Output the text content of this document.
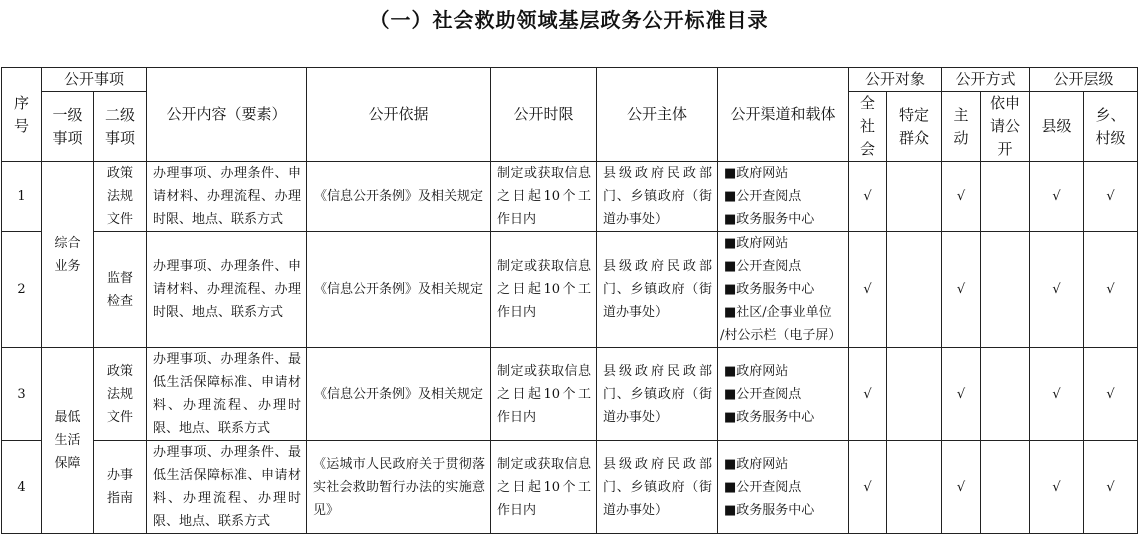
（一）社会救助领域基层政务公开标准目录
序号	公开事项		公开内容（要素）	公开依据	公开时限	公开主体	公开渠道和载体	公开对象		公开方式		公开层级	

	一级事项	二级事项						全社会	特定群众	主动	依申请公开	县级	乡、村级

1	综合业务	政策法规文件	办理事项、办理条件、申请材料、办理流程、办理时限、地点、联系方式	《信息公开条例》及相关规定	制定或获取信息之日起10个工作日内	县级政府民政部门、乡镇政府（街道办事处）	■政府网站
■公开查阅点
■政务服务中心	√		√		√	√
2		监督检查	办理事项、办理条件、申请材料、办理流程、办理时限、地点、联系方式	《信息公开条例》及相关规定	制定或获取信息之日起10个工作日内	县级政府民政部门、乡镇政府（街道办事处）	■政府网站
■公开查阅点
■政务服务中心
■社区/企事业单位
/村公示栏（电子屏）	√		√		√	√
3	最低生活保障	政策法规文件	办理事项、办理条件、最低生活保障标准、申请材料、办理流程、办理时限、地点、联系方式	《信息公开条例》及相关规定	制定或获取信息之日起10个工作日内	县级政府民政部门、乡镇政府（街道办事处）	■政府网站
■公开查阅点
■政务服务中心	√		√		√	√
4		办事指南	办理事项、办理条件、最低生活保障标准、申请材料、办理流程、办理时限、地点、联系方式	《运城市人民政府关于贯彻落实社会救助暂行办法的实施意见》	制定或获取信息之日起10个工作日内	县级政府民政部门、乡镇政府（街道办事处）	■政府网站
■公开查阅点
■政务服务中心	√		√		√	√
